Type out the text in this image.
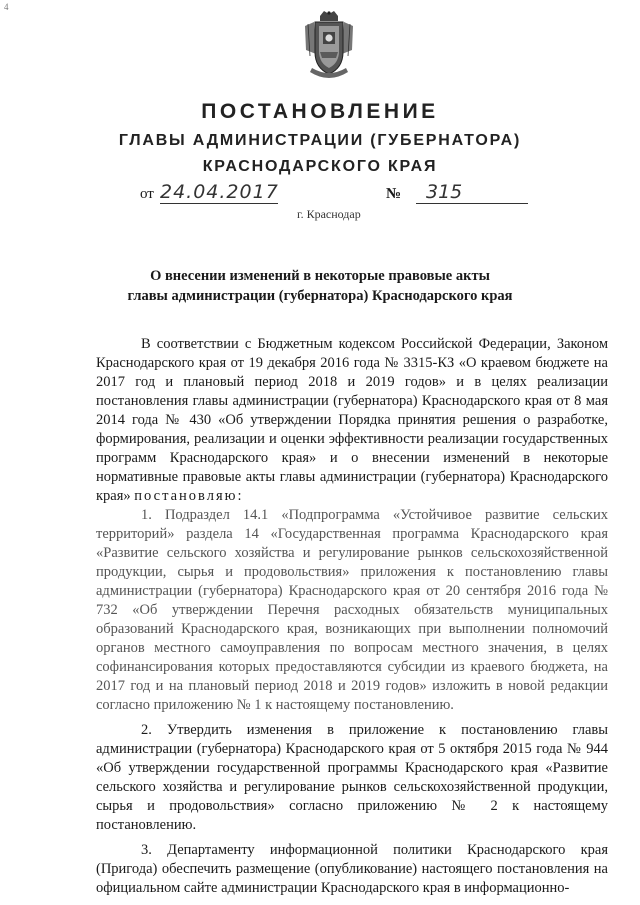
4
ПОСТАНОВЛЕНИЕ
ГЛАВЫ АДМИНИСТРАЦИИ (ГУБЕРНАТОРА)
КРАСНОДАРСКОГО КРАЯ
от 24.04.2017	№	315
г. Краснодар
О внесении изменений в некоторые правовые акты
главы администрации (губернатора) Краснодарского края

В соответствии с Бюджетным кодексом Российской Федерации, Законом Краснодарского края от 19 декабря 2016 года № 3315-КЗ «О краевом бюджете на 2017 год и плановый период 2018 и 2019 годов» и в целях реализации постановления главы администрации (губернатора) Краснодарского края от 8 мая 2014 года № 430 «Об утверждении Порядка принятия решения о разработке, формирования, реализации и оценки эффективности реализации государственных программ Краснодарского края» и о внесении изменений в некоторые нормативные правовые акты главы администрации (губернатора) Краснодарского края» постановляю:

1. Подраздел 14.1 «Подпрограмма «Устойчивое развитие сельских территорий» раздела 14 «Государственная программа Краснодарского края «Развитие сельского хозяйства и регулирование рынков сельскохозяйственной продукции, сырья и продовольствия» приложения к постановлению главы администрации (губернатора) Краснодарского края от 20 сентября 2016 года № 732 «Об утверждении Перечня расходных обязательств муниципальных образований Краснодарского края, возникающих при выполнении полномочий органов местного самоуправления по вопросам местного значения, в целях софинансирования которых предоставляются субсидии из краевого бюджета, на 2017 год и на плановый период 2018 и 2019 годов» изложить в новой редакции согласно приложению № 1 к настоящему постановлению.

2. Утвердить изменения в приложение к постановлению главы администрации (губернатора) Краснодарского края от 5 октября 2015 года № 944 «Об утверждении государственной программы Краснодарского края «Развитие сельского хозяйства и регулирование рынков сельскохозяйственной продукции, сырья и продовольствия» согласно приложению № 2 к настоящему постановлению.

3. Департаменту информационной политики Краснодарского края (Пригода) обеспечить размещение (опубликование) настоящего постановления на официальном сайте администрации Краснодарского края в информационно-
